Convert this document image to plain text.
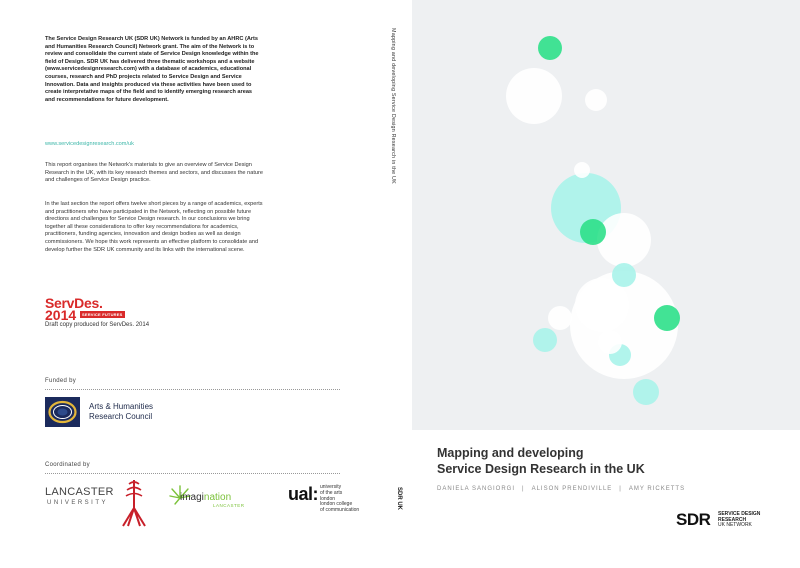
The Service Design Research UK (SDR UK) Network is funded by an AHRC (Arts and Humanities Research Council) Network grant. The aim of the Network is to review and consolidate the current state of Service Design knowledge within the field of Design. SDR UK has delivered three thematic workshops and a website (www.servicedesignresearch.com) with a database of academics, educational courses, research and PhD projects related to Service Design and Service Innovation. Data and insights produced via these activities have been used to create interpretative maps of the field and to identify emerging research areas and recommendations for future development.
www.servicedesignresearch.com/uk
This report organises the Network's materials to give an overview of Service Design Research in the UK, with its key research themes and sectors, and discusses the nature and challenges of Service Design practice.
In the last section the report offers twelve short pieces by a range of academics, experts and practitioners who have participated in the Network, reflecting on possible future directions and challenges for Service Design research. In our conclusions we bring together all these considerations to offer key recommendations for academics, practitioners, funding agencies, innovation and design bodies as well as design commissioners. We hope this work represents an effective platform to consolidate and develop further the SDR UK community and its links with the international scene.
ServDes.
2014	SERVICE FUTURES
Draft copy produced for ServDes. 2014
Funded by
Arts & Humanities
Research Council
Coordinated by
LANCASTER
UNIVERSITY	imagination
LANCASTER
ual: university
of the arts
london
london college
of communication
Mapping and developing Service Design Research in the UK
SDR UK
Mapping and developing
Service Design Research in the UK
DANIELA SANGIORGI | ALISON PRENDIVILLE | AMY RICKETTS
SDR SERVICE DESIGN
RESEARCH
UK NETWORK
